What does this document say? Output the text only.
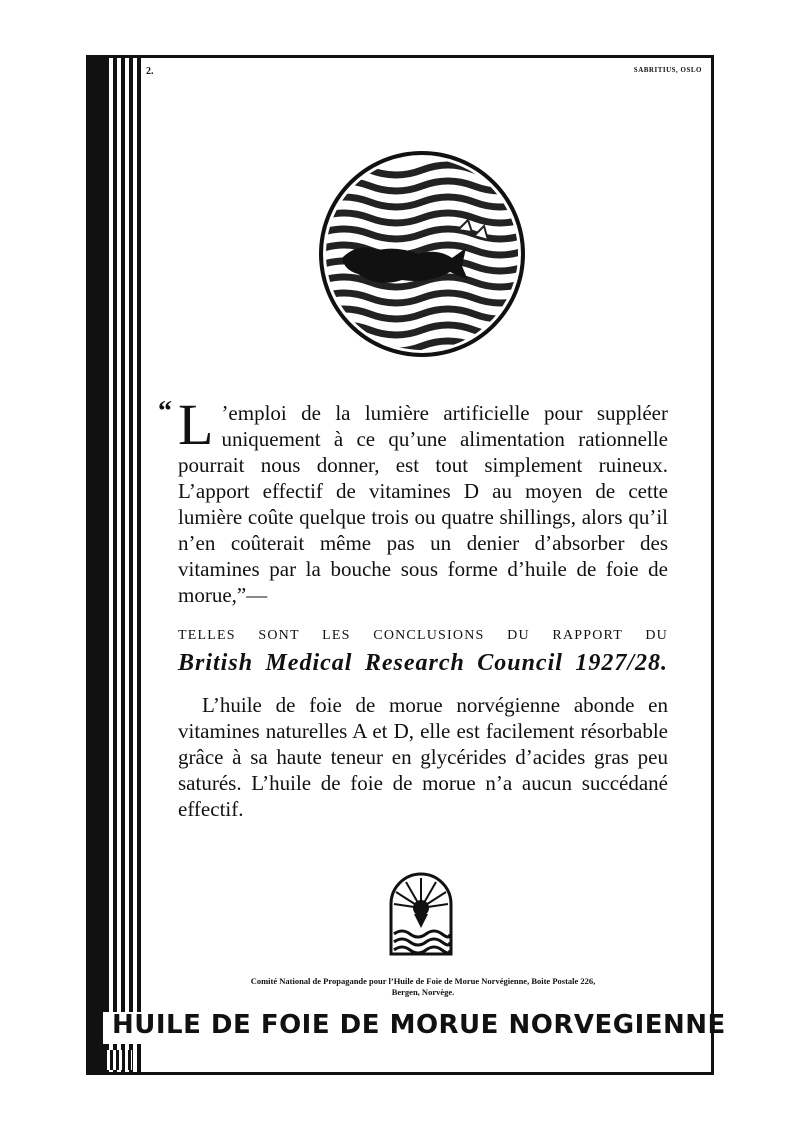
2.	SABRITIUS, OSLO
“ L ’emploi de la lumière artificielle pour suppléer uniquement à ce qu’une alimentation rationnelle pourrait nous donner, est tout simplement ruineux. L’apport effectif de vitamines D au moyen de cette lumière coûte quelque trois ou quatre shillings, alors qu’il n’en coûterait même pas un denier d’absorber des vitamines par la bouche sous forme d’huile de foie de morue,”—
TELLES SONT LES CONCLUSIONS DU RAPPORT DU
British Medical Research Council 1927/28.
L’huile de foie de morue norvégienne abonde en vitamines naturelles A et D, elle est facilement résorbable grâce à sa haute teneur en glycérides d’acides gras peu saturés. L’huile de foie de morue n’a aucun succédané effectif.
Comité National de Propagande pour l’Huile de Foie de Morue Norvégienne, Boite Postale 226,
Bergen, Norvège.
HUILE DE FOIE DE MORUE NORVEGIENNE
